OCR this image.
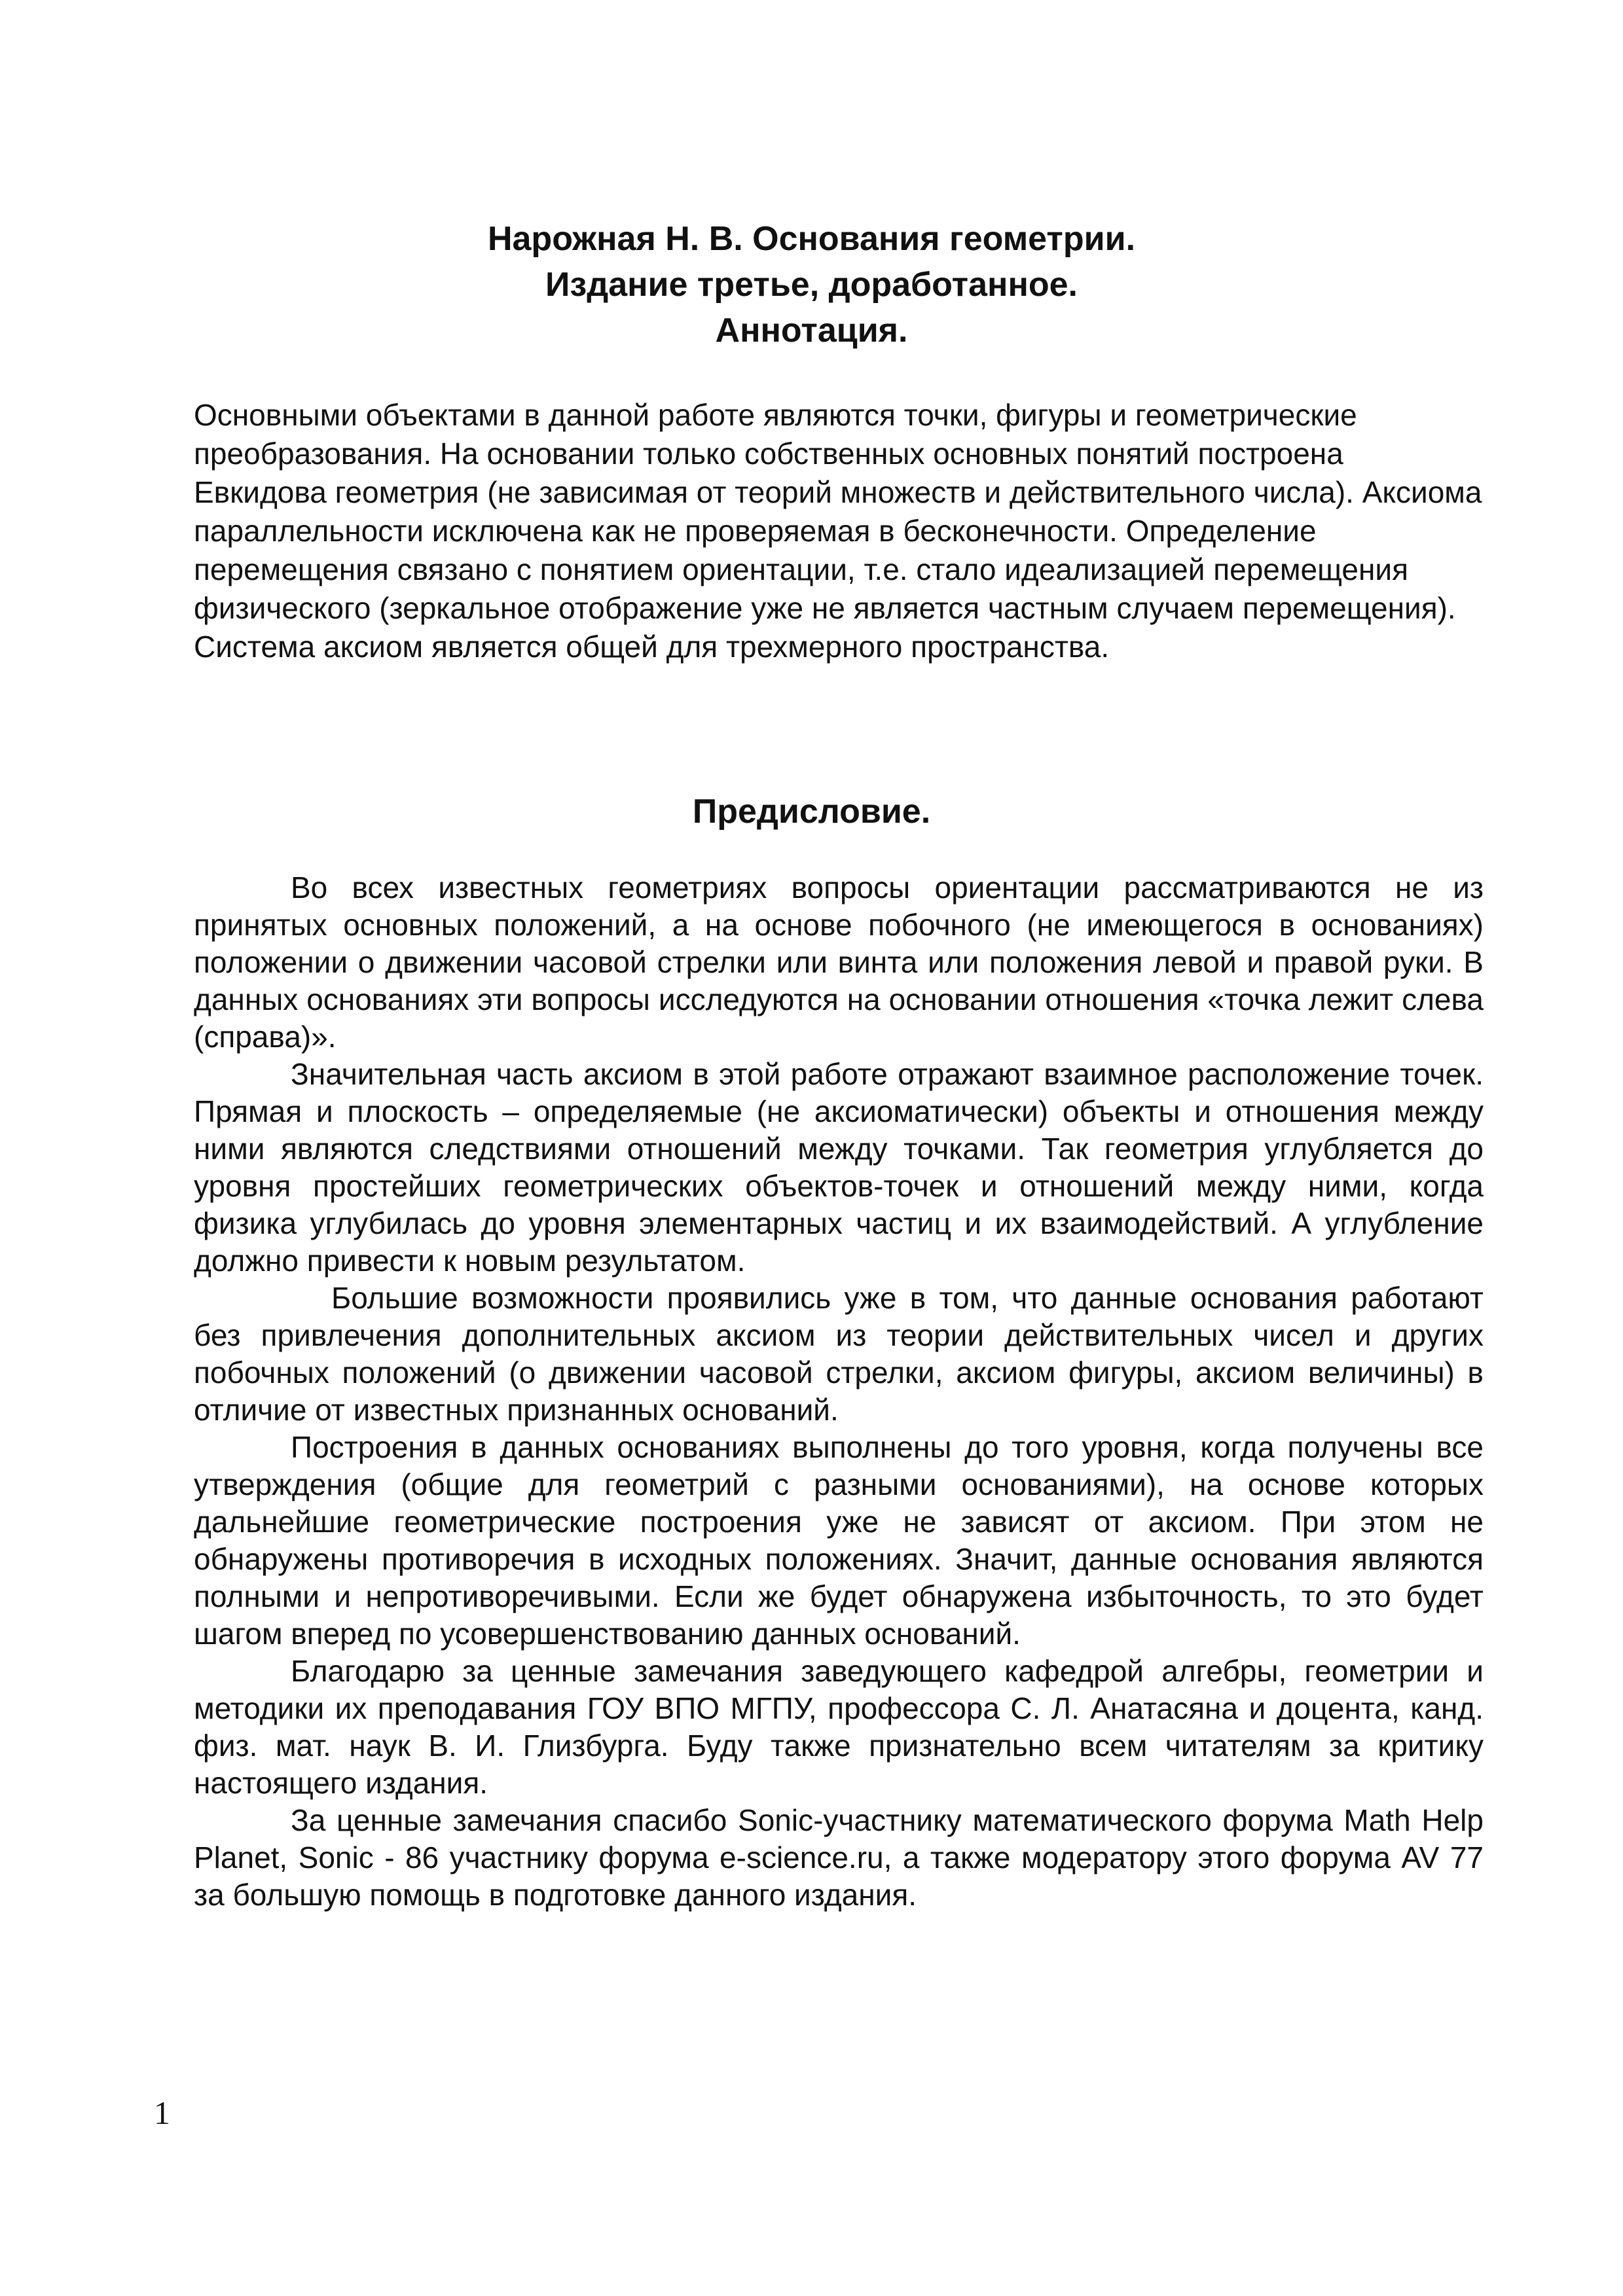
Нарожная Н. В. Основания геометрии.
Издание третье, доработанное.
Аннотация.
Основными объектами в данной работе являются точки, фигуры и геометрические преобразования. На основании только собственных основных понятий построена Евкидова геометрия (не зависимая от теорий множеств и действительного числа). Аксиома параллельности исключена как не проверяемая в бесконечности. Определение перемещения связано с понятием ориентации, т.е. стало идеализацией перемещения физического (зеркальное отображение уже не является частным случаем перемещения). Система аксиом является общей для трехмерного пространства.
Предисловие.

Во всех известных геометриях вопросы ориентации рассматриваются не из принятых основных положений, а на основе побочного (не имеющегося в основаниях) положении о движении часовой стрелки или винта или положения левой и правой руки. В данных основаниях эти вопросы исследуются на основании отношения «точка лежит слева (справа)».

Значительная часть аксиом в этой работе отражают взаимное расположение точек. Прямая и плоскость – определяемые (не аксиоматически) объекты и отношения между ними являются следствиями отношений между точками. Так геометрия углубляется до уровня простейших геометрических объектов-точек и отношений между ними, когда физика углубилась до уровня элементарных частиц и их взаимодействий. А углубление должно привести к новым результатом.

Большие возможности проявились уже в том, что данные основания работают без привлечения дополнительных аксиом из теории действительных чисел и других побочных положений (о движении часовой стрелки, аксиом фигуры, аксиом величины) в отличие от известных признанных оснований.

Построения в данных основаниях выполнены до того уровня, когда получены все утверждения (общие для геометрий с разными основаниями), на основе которых дальнейшие геометрические построения уже не зависят от аксиом. При этом не обнаружены противоречия в исходных положениях. Значит, данные основания являются полными и непротиворечивыми. Если же будет обнаружена избыточность, то это будет шагом вперед по усовершенствованию данных оснований.

Благодарю за ценные замечания заведующего кафедрой алгебры, геометрии и методики их преподавания ГОУ ВПО МГПУ, профессора С. Л. Анатасяна и доцента, канд. физ. мат. наук В. И. Глизбурга. Буду также признательно всем читателям за критику настоящего издания.

За ценные замечания спасибо Sonic-участнику математического форума Math Help Planet, Sonic - 86 участнику форума e-science.ru, а также модератору этого форума AV 77 за большую помощь в подготовке данного издания.

1
